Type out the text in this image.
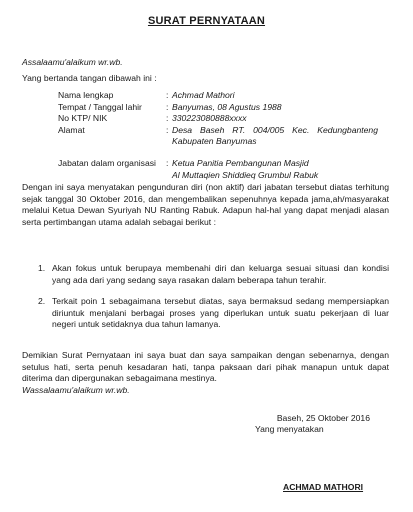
SURAT PERNYATAAN
Assalaamu'alaikum wr.wb.
Yang bertanda tangan dibawah ini :
Nama lengkap	: Achmad Mathori
Tempat / Tanggal lahir	: Banyumas, 08 Agustus 1988
No KTP/ NIK	: 330223080888xxxx
Alamat	: Desa Baseh RT. 004/005 Kec. Kedungbanteng
Kabupaten Banyumas
Jabatan dalam organisasi	: Ketua Panitia Pembangunan Masjid
Al Muttaqien Shiddieq Grumbul Rabuk
Dengan ini saya menyatakan pengunduran diri (non aktif) dari jabatan tersebut diatas terhitung sejak tanggal 30 Oktober 2016, dan mengembalikan sepenuhnya kepada jama,ah/masyarakat melalui Ketua Dewan Syuriyah NU Ranting Rabuk. Adapun hal-hal yang dapat menjadi alasan serta pertimbangan utama adalah sebagai berikut :
1. Akan fokus untuk berupaya membenahi diri dan keluarga sesuai situasi dan kondisi yang ada dari yang sedang saya rasakan dalam beberapa tahun terahir.
2. Terkait poin 1 sebagaimana tersebut diatas, saya bermaksud sedang mempersiapkan diriuntuk menjalani berbagai proses yang diperlukan untuk suatu pekerjaan di luar negeri untuk setidaknya dua tahun lamanya.
Demikian Surat Pernyataan ini saya buat dan saya sampaikan dengan sebenarnya, dengan setulus hati, serta penuh kesadaran hati, tanpa paksaan dari pihak manapun untuk dapat diterima dan dipergunakan sebagaimana mestinya.
Wassalaamu'alaikum wr.wb.
Baseh, 25 Oktober 2016
Yang menyatakan
ACHMAD MATHORI
